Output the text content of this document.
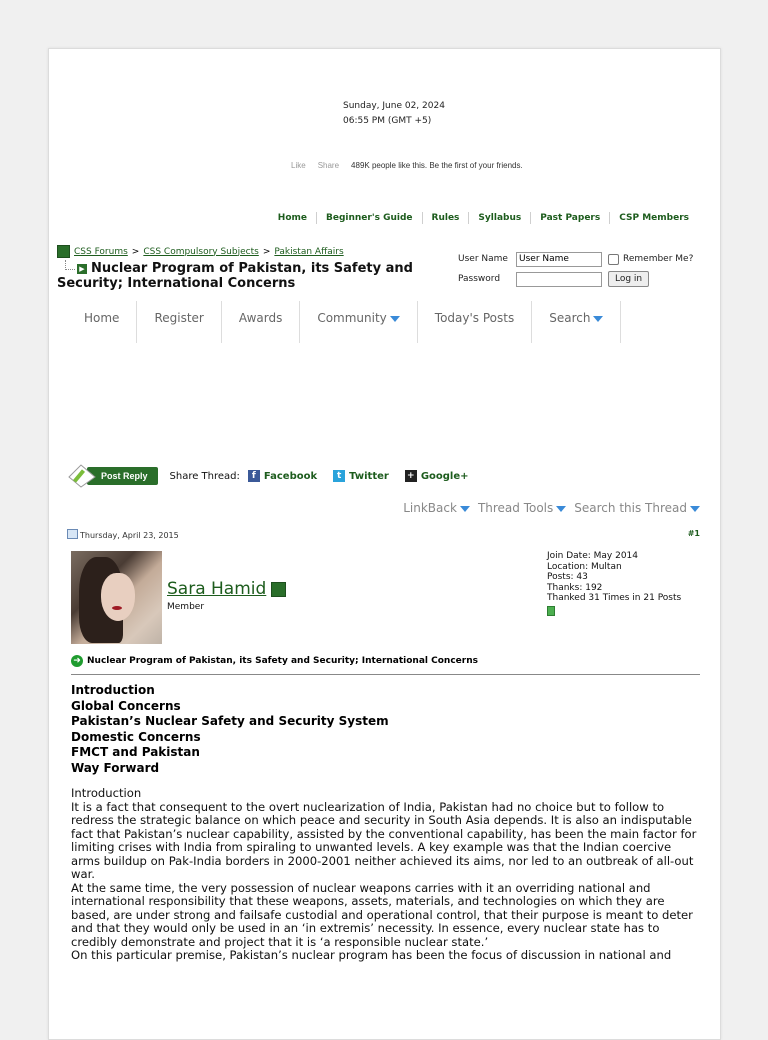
Sunday, June 02, 2024
06:55 PM (GMT +5)
Like Share 489K people like this. Be the first of your friends.
Home	Beginner's Guide	Rules	Syllabus	Past Papers	CSP Members
CSS Forums > CSS Compulsory Subjects > Pakistan Affairs
▶ Nuclear Program of Pakistan, its Safety and Security; International Concerns
User Name
User Name	Remember Me?
Password	Log in
Home	Register	Awards	Community	Today's Posts	Search
Post Reply	Share Thread:	f Facebook	t Twitter + Google+
LinkBack	Thread Tools	Search this Thread
Thursday, April 23, 2015	#1
Sara Hamid
Member
Join Date: May 2014
Location: Multan
Posts: 43
Thanks: 192
Thanked 31 Times in 21 Posts
➜ Nuclear Program of Pakistan, its Safety and Security; International Concerns
Introduction
Global Concerns
Pakistan’s Nuclear Safety and Security System
Domestic Concerns
FMCT and Pakistan
Way Forward

Introduction

It is a fact that consequent to the overt nuclearization of India, Pakistan had no choice but to follow to redress the strategic balance on which peace and security in South Asia depends. It is also an indisputable fact that Pakistan’s nuclear capability, assisted by the conventional capability, has been the main factor for limiting crises with India from spiraling to unwanted levels. A key example was that the Indian coercive arms buildup on Pak-India borders in 2000-2001 neither achieved its aims, nor led to an outbreak of all-out war.

At the same time, the very possession of nuclear weapons carries with it an overriding national and international responsibility that these weapons, assets, materials, and technologies on which they are based, are under strong and failsafe custodial and operational control, that their purpose is meant to deter and that they would only be used in an ‘in extremis’ necessity. In essence, every nuclear state has to credibly demonstrate and project that it is ‘a responsible nuclear state.’

On this particular premise, Pakistan’s nuclear program has been the focus of discussion in national and
